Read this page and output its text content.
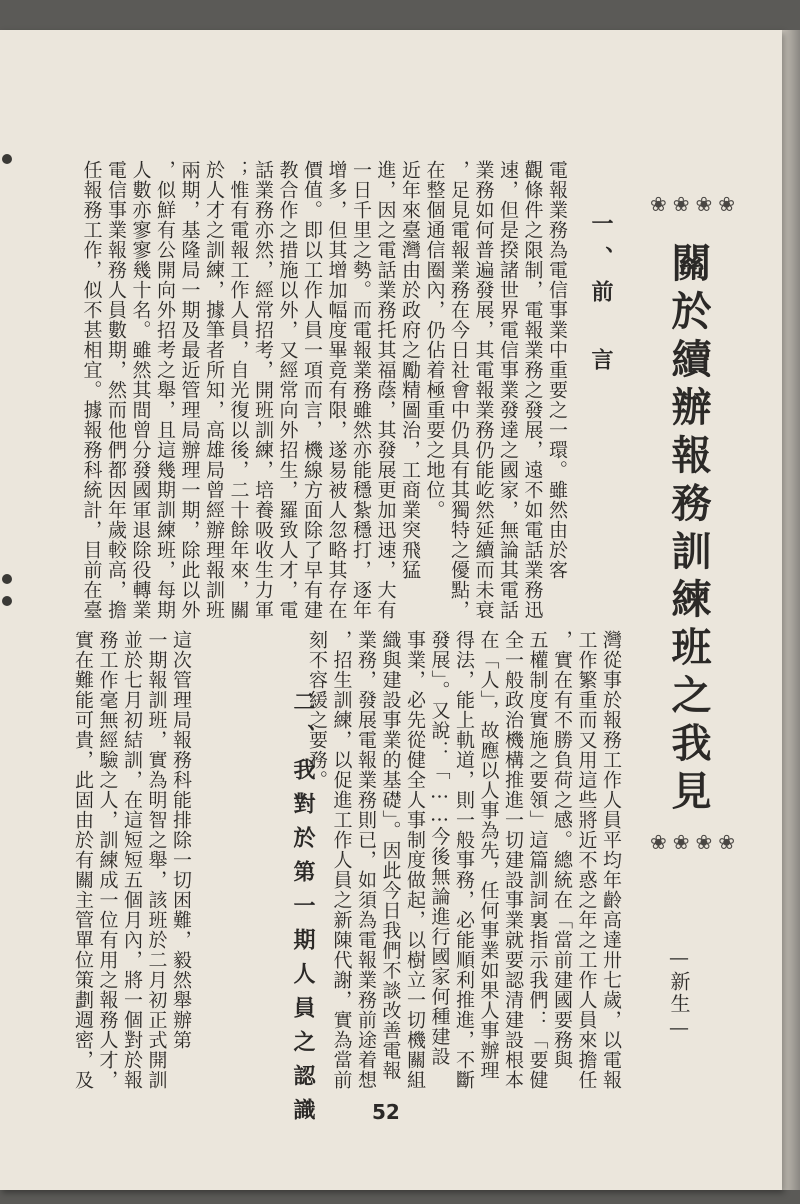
❀❀❀❀
關於續辦報務訓練班之我見
❀❀❀❀
—新生—
一、前　言
電報業務為電信事業中重要之一環。雖然由於客
觀條件之限制，電報業務之發展，遠不如電話業務迅
速，但是揆諸世界電信事業發達之國家，無論其電話
業務如何普遍發展，其電報業務仍能屹然延續而未衰
，足見電報業務在今日社會中仍具有其獨特之優點，
在整個通信圈內，仍佔着極重要之地位。
近年來臺灣由於政府之勵精圖治，工商業突飛猛
進，因之電話業務托其福蔭，其發展更加迅速，大有
一日千里之勢。而電報業務雖然亦能穩紮穩打，逐年
增多，但其增加幅度畢竟有限，遂易被人忽略其存在
價值。即以工作人員一項而言，機線方面除了早有建
教合作之措施以外，又經常向外招生，羅致人才，電
話業務亦然，經常招考，開班訓練，培養吸收生力軍
；惟有電報工作人員，自光復以後，二十餘年來，關
於人才之訓練，據筆者所知，高雄局曾經辦理報訓班
兩期，基隆局一期及最近管理局辦理一期，除此以外
，似鮮有公開向外招考之舉，且這幾期訓練班，每期
人數亦寥寥幾十名。雖然其間曾分發國軍退除役轉業
電信事業報務人員數期，然而他們都因年歲較高，擔
任報務工作，似不甚相宜。據報務科統計，目前在臺
灣從事於報務工作人員平均年齡高達卅七歲，以電報
工作繁重而又用這些將近不惑之年之工作人員來擔任
，實在有不勝負荷之感。總統在「當前建國要務與
五權制度實施之要領」這篇訓詞裏指示我們：「要健
全一般政治機構推進一切建設事業就要認清建設根本
在「人」，故應以人事為先，任何事業如果人事辦理
得法，能上軌道，則一般事務，必能順利推進，不斷
發展」。又說：「……今後無論進行國家何種建設
事業，必先從健全人事制度做起，以樹立一切機關組
織與建設事業的基礎」。因此今日我們不談改善電報
業務，發展電報業務則已，如須為電報業務前途着想
，招生訓練，以促進工作人員之新陳代謝，實為當前
刻不容緩之要務。
二、我對於第一期人員之認識
這次管理局報務科能排除一切困難，毅然舉辦第
一期報訓班，實為明智之舉，該班於二月初正式開訓
並於七月初結訓，在這短短五個月內，將一個對於報
務工作毫無經驗之人，訓練成一位有用之報務人才，
實在難能可貴，此固由於有關主管單位策劃週密，及
52
